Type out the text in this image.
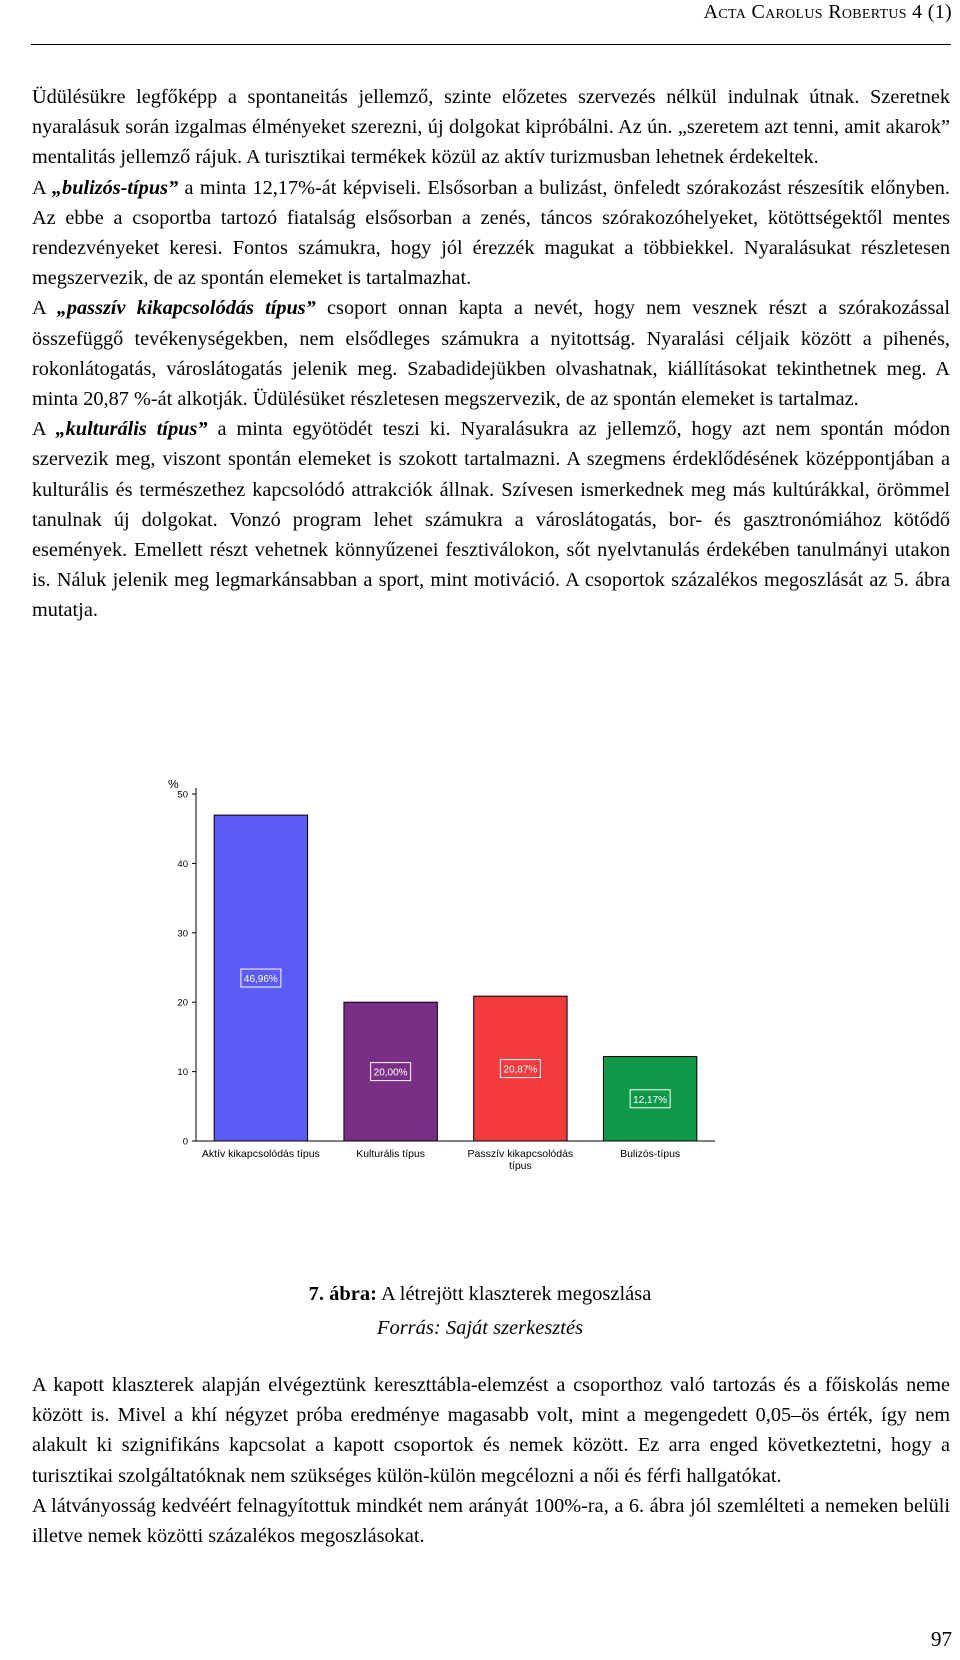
Acta Carolus Robertus 4 (1)

Üdülésükre legfőképp a spontaneitás jellemző, szinte előzetes szervezés nélkül indulnak útnak. Szeretnek nyaralásuk során izgalmas élményeket szerezni, új dolgokat kipróbálni. Az ún. „szeretem azt tenni, amit akarok” mentalitás jellemző rájuk. A turisztikai termékek közül az aktív turizmusban lehetnek érdekeltek.

A „bulizós-típus” a minta 12,17%-át képviseli. Elsősorban a bulizást, önfeledt szórakozást részesítik előnyben. Az ebbe a csoportba tartozó fiatalság elsősorban a zenés, táncos szórakozóhelyeket, kötöttségektől mentes rendezvényeket keresi. Fontos számukra, hogy jól érezzék magukat a többiekkel. Nyaralásukat részletesen megszervezik, de az spontán elemeket is tartalmazhat.

A „passzív kikapcsolódás típus” csoport onnan kapta a nevét, hogy nem vesznek részt a szórakozással összefüggő tevékenységekben, nem elsődleges számukra a nyitottság. Nyaralási céljaik között a pihenés, rokonlátogatás, városlátogatás jelenik meg. Szabadidejükben olvashatnak, kiállításokat tekinthetnek meg. A minta 20,87 %-át alkotják. Üdülésüket részletesen megszervezik, de az spontán elemeket is tartalmaz.

A „kulturális típus” a minta egyötödét teszi ki. Nyaralásukra az jellemző, hogy azt nem spontán módon szervezik meg, viszont spontán elemeket is szokott tartalmazni. A szegmens érdeklődésének középpontjában a kulturális és természethez kapcsolódó attrakciók állnak. Szívesen ismerkednek meg más kultúrákkal, örömmel tanulnak új dolgokat. Vonzó program lehet számukra a városlátogatás, bor- és gasztronómiához kötődő események. Emellett részt vehetnek könnyűzenei fesztiválokon, sőt nyelvtanulás érdekében tanulmányi utakon is. Náluk jelenik meg legmarkánsabban a sport, mint motiváció. A csoportok százalékos megoszlását az 5. ábra mutatja.

%
0
10
20
30
40
50
46,96%
Aktív kikapcsolódás típus
20,00%
Kulturális típus
20,87%
Passzív kikapcsolódás
típus
12,17%
Bulizós-típus
7. ábra: A létrejött klaszterek megoszlása
Forrás: Saját szerkesztés

A kapott klaszterek alapján elvégeztünk kereszttábla-elemzést a csoporthoz való tartozás és a főiskolás neme között is. Mivel a khí négyzet próba eredménye magasabb volt, mint a megengedett 0,05–ös érték, így nem alakult ki szignifikáns kapcsolat a kapott csoportok és nemek között. Ez arra enged következtetni, hogy a turisztikai szolgáltatóknak nem szükséges külön-külön megcélozni a női és férfi hallgatókat.

A látványosság kedvéért felnagyítottuk mindkét nem arányát 100%-ra, a 6. ábra jól szemlélteti a nemeken belüli illetve nemek közötti százalékos megoszlásokat.

97
